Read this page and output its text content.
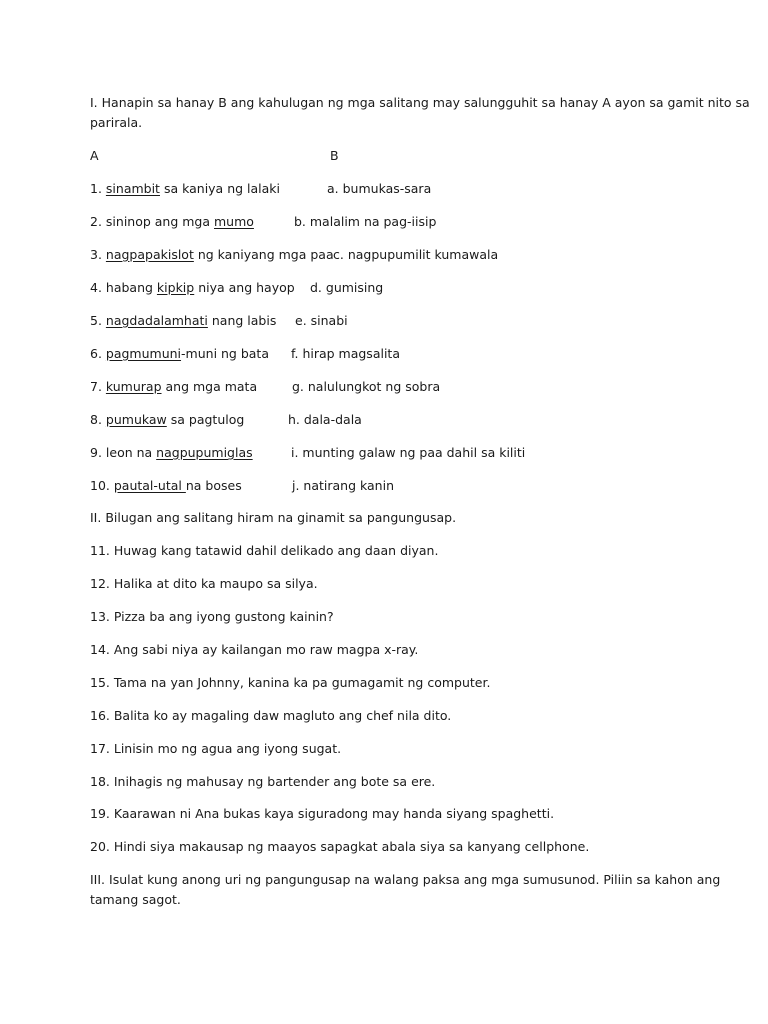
I. Hanapin sa hanay B ang kahulugan ng mga salitang may salungguhit sa hanay A ayon sa gamit nito sa
parirala.
A	B
1. sinambit sa kaniya ng lalaki	a. bumukas-sara
2. sininop ang mga mumo	b. malalim na pag-iisip
3. nagpapakislot ng kaniyang mga paa c. nagpupumilit kumawala
4. habang kipkip niya ang hayop d. gumising
5. nagdadalamhati nang labis e. sinabi
6. pagmumuni-muni ng bata f. hirap magsalita
7. kumurap ang mga mata	g. nalulungkot ng sobra
8. pumukaw sa pagtulog	h. dala-dala
9. leon na nagpupumiglas	i. munting galaw ng paa dahil sa kiliti
10. pautal-utal na boses	j. natirang kanin
II. Bilugan ang salitang hiram na ginamit sa pangungusap.
11. Huwag kang tatawid dahil delikado ang daan diyan.
12. Halika at dito ka maupo sa silya.
13. Pizza ba ang iyong gustong kainin?
14. Ang sabi niya ay kailangan mo raw magpa x-ray.
15. Tama na yan Johnny, kanina ka pa gumagamit ng computer.
16. Balita ko ay magaling daw magluto ang chef nila dito.
17. Linisin mo ng agua ang iyong sugat.
18. Inihagis ng mahusay ng bartender ang bote sa ere.
19. Kaarawan ni Ana bukas kaya siguradong may handa siyang spaghetti.
20. Hindi siya makausap ng maayos sapagkat abala siya sa kanyang cellphone.
III. Isulat kung anong uri ng pangungusap na walang paksa ang mga sumusunod. Piliin sa kahon ang
tamang sagot.
